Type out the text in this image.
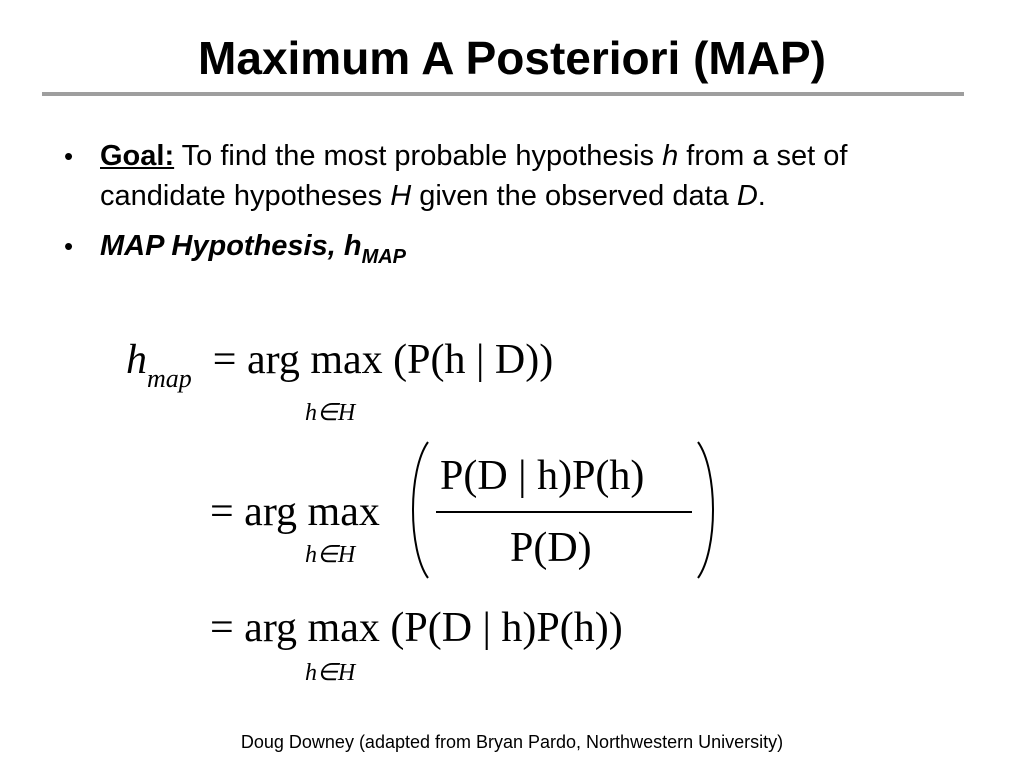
Maximum A Posteriori (MAP)
• Goal: To find the most probable hypothesis h from a set of candidate hypotheses H given the observed data D.
• MAP Hypothesis, $h_{MAP}$
$h_{map}$ = arg max (P(h | D))
h∈H
= arg max
h∈H
P(D | h)P(h)
P(D)
= arg max (P(D | h)P(h))
h∈H
Doug Downey (adapted from Bryan Pardo, Northwestern University)
